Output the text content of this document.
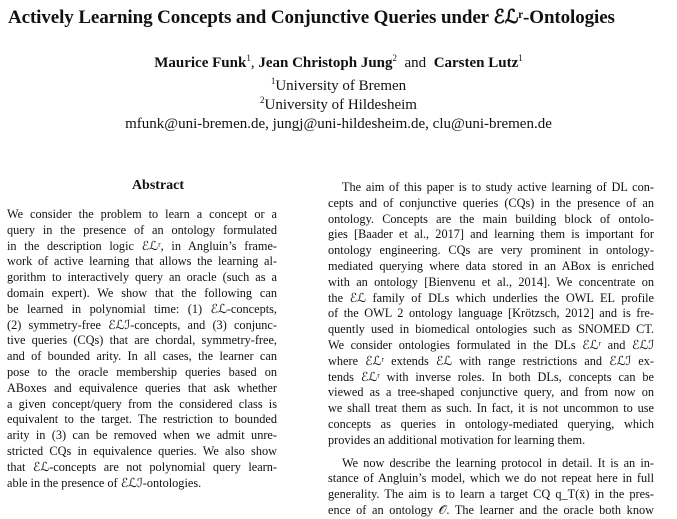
Actively Learning Concepts and Conjunctive Queries under ℰℒʳ-Ontologies
Maurice Funk$^1$, Jean Christoph Jung$^2$ and Carsten Lutz$^1$
$^1$University of Bremen
$^2$University of Hildesheim
mfunk@uni-bremen.de, jungj@uni-hildesheim.de, clu@uni-bremen.de
Abstract
We consider the problem to learn a concept or a
query in the presence of an ontology formulated
in the description logic ℰℒʳ, in Angluin’s frame-
work of active learning that allows the learning al-
gorithm to interactively query an oracle (such as a
domain expert). We show that the following can
be learned in polynomial time: (1) ℰℒ-concepts,
(2) symmetry-free ℰℒℐ-concepts, and (3) conjunc-
tive queries (CQs) that are chordal, symmetry-free,
and of bounded arity. In all cases, the learner can
pose to the oracle membership queries based on
ABoxes and equivalence queries that ask whether
a given concept/query from the considered class is
equivalent to the target. The restriction to bounded
arity in (3) can be removed when we admit unre-
stricted CQs in equivalence queries. We also show
that ℰℒ-concepts are not polynomial query learn-
able in the presence of ℰℒℐ-ontologies.
The aim of this paper is to study active learning of DL con-
cepts and of conjunctive queries (CQs) in the presence of an
ontology. Concepts are the main building block of ontolo-
gies [Baader et al., 2017] and learning them is important for
ontology engineering. CQs are very prominent in ontology-
mediated querying where data stored in an ABox is enriched
with an ontology [Bienvenu et al., 2014]. We concentrate on
the ℰℒ family of DLs which underlies the OWL EL profile
of the OWL 2 ontology language [Krötzsch, 2012] and is fre-
quently used in biomedical ontologies such as SNOMED CT.
We consider ontologies formulated in the DLs ℰℒʳ and ℰℒℐ
where ℰℒʳ extends ℰℒ with range restrictions and ℰℒℐ ex-
tends ℰℒʳ with inverse roles. In both DLs, concepts can be
viewed as a tree-shaped conjunctive query, and from now on
we shall treat them as such. In fact, it is not uncommon to use
concepts as queries in ontology-mediated querying, which
provides an additional motivation for learning them.
We now describe the learning protocol in detail. It is an in-
stance of Angluin’s model, which we do not repeat here in full
generality. The aim is to learn a target CQ q_T(x̄) in the pres-
ence of an ontology 𝒪. The learner and the oracle both know
